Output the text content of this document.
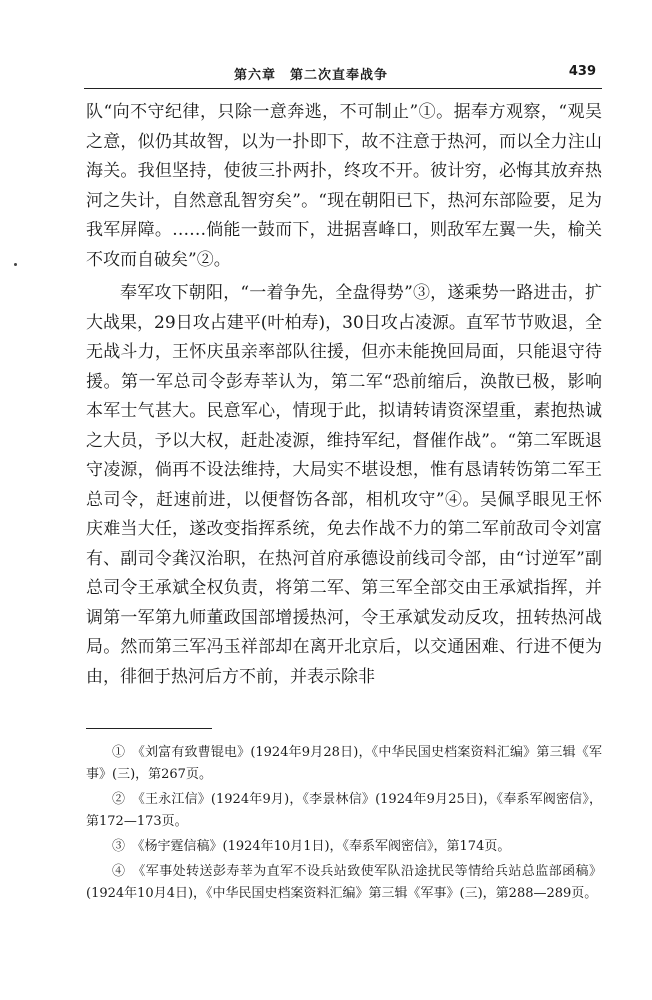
第六章　第二次直奉战争	439

队“向不守纪律，只除一意奔逃，不可制止”①。据奉方观察，“观吴之意，似仍其故智，以为一扑即下，故不注意于热河，而以全力注山海关。我但坚持，使彼三扑两扑，终攻不开。彼计穷，必悔其放弃热河之失计，自然意乱智穷矣”。“现在朝阳已下，热河东部险要，足为我军屏障。……倘能一鼓而下，进据喜峰口，则敌军左翼一失，榆关不攻而自破矣”②。

奉军攻下朝阳，“一着争先，全盘得势”③，遂乘势一路进击，扩大战果，29日攻占建平(叶柏寿)，30日攻占凌源。直军节节败退，全无战斗力，王怀庆虽亲率部队往援，但亦未能挽回局面，只能退守待援。第一军总司令彭寿莘认为，第二军“恐前缩后，涣散已极，影响本军士气甚大。民意军心，情现于此，拟请转请资深望重，素抱热诚之大员，予以大权，赶赴凌源，维持军纪，督催作战”。“第二军既退守凌源，倘再不设法维持，大局实不堪设想，惟有恳请转饬第二军王总司令，赶速前进，以便督饬各部，相机攻守”④。吴佩孚眼见王怀庆难当大任，遂改变指挥系统，免去作战不力的第二军前敌司令刘富有、副司令龚汉治职，在热河首府承德设前线司令部，由“讨逆军”副总司令王承斌全权负责，将第二军、第三军全部交由王承斌指挥，并调第一军第九师董政国部增援热河，令王承斌发动反攻，扭转热河战局。然而第三军冯玉祥部却在离开北京后，以交通困难、行进不便为由，徘徊于热河后方不前，并表示除非

①　《刘富有致曹锟电》(1924年9月28日)，《中华民国史档案资料汇编》第三辑《军事》(三)，第267页。

②　《王永江信》(1924年9月)，《李景林信》(1924年9月25日)，《奉系军阀密信》，第172—173页。

③　《杨宇霆信稿》(1924年10月1日)，《奉系军阀密信》，第174页。

④　《军事处转送彭寿莘为直军不设兵站致使军队沿途扰民等情给兵站总监部函稿》(1924年10月4日)，《中华民国史档案资料汇编》第三辑《军事》(三)，第288—289页。
